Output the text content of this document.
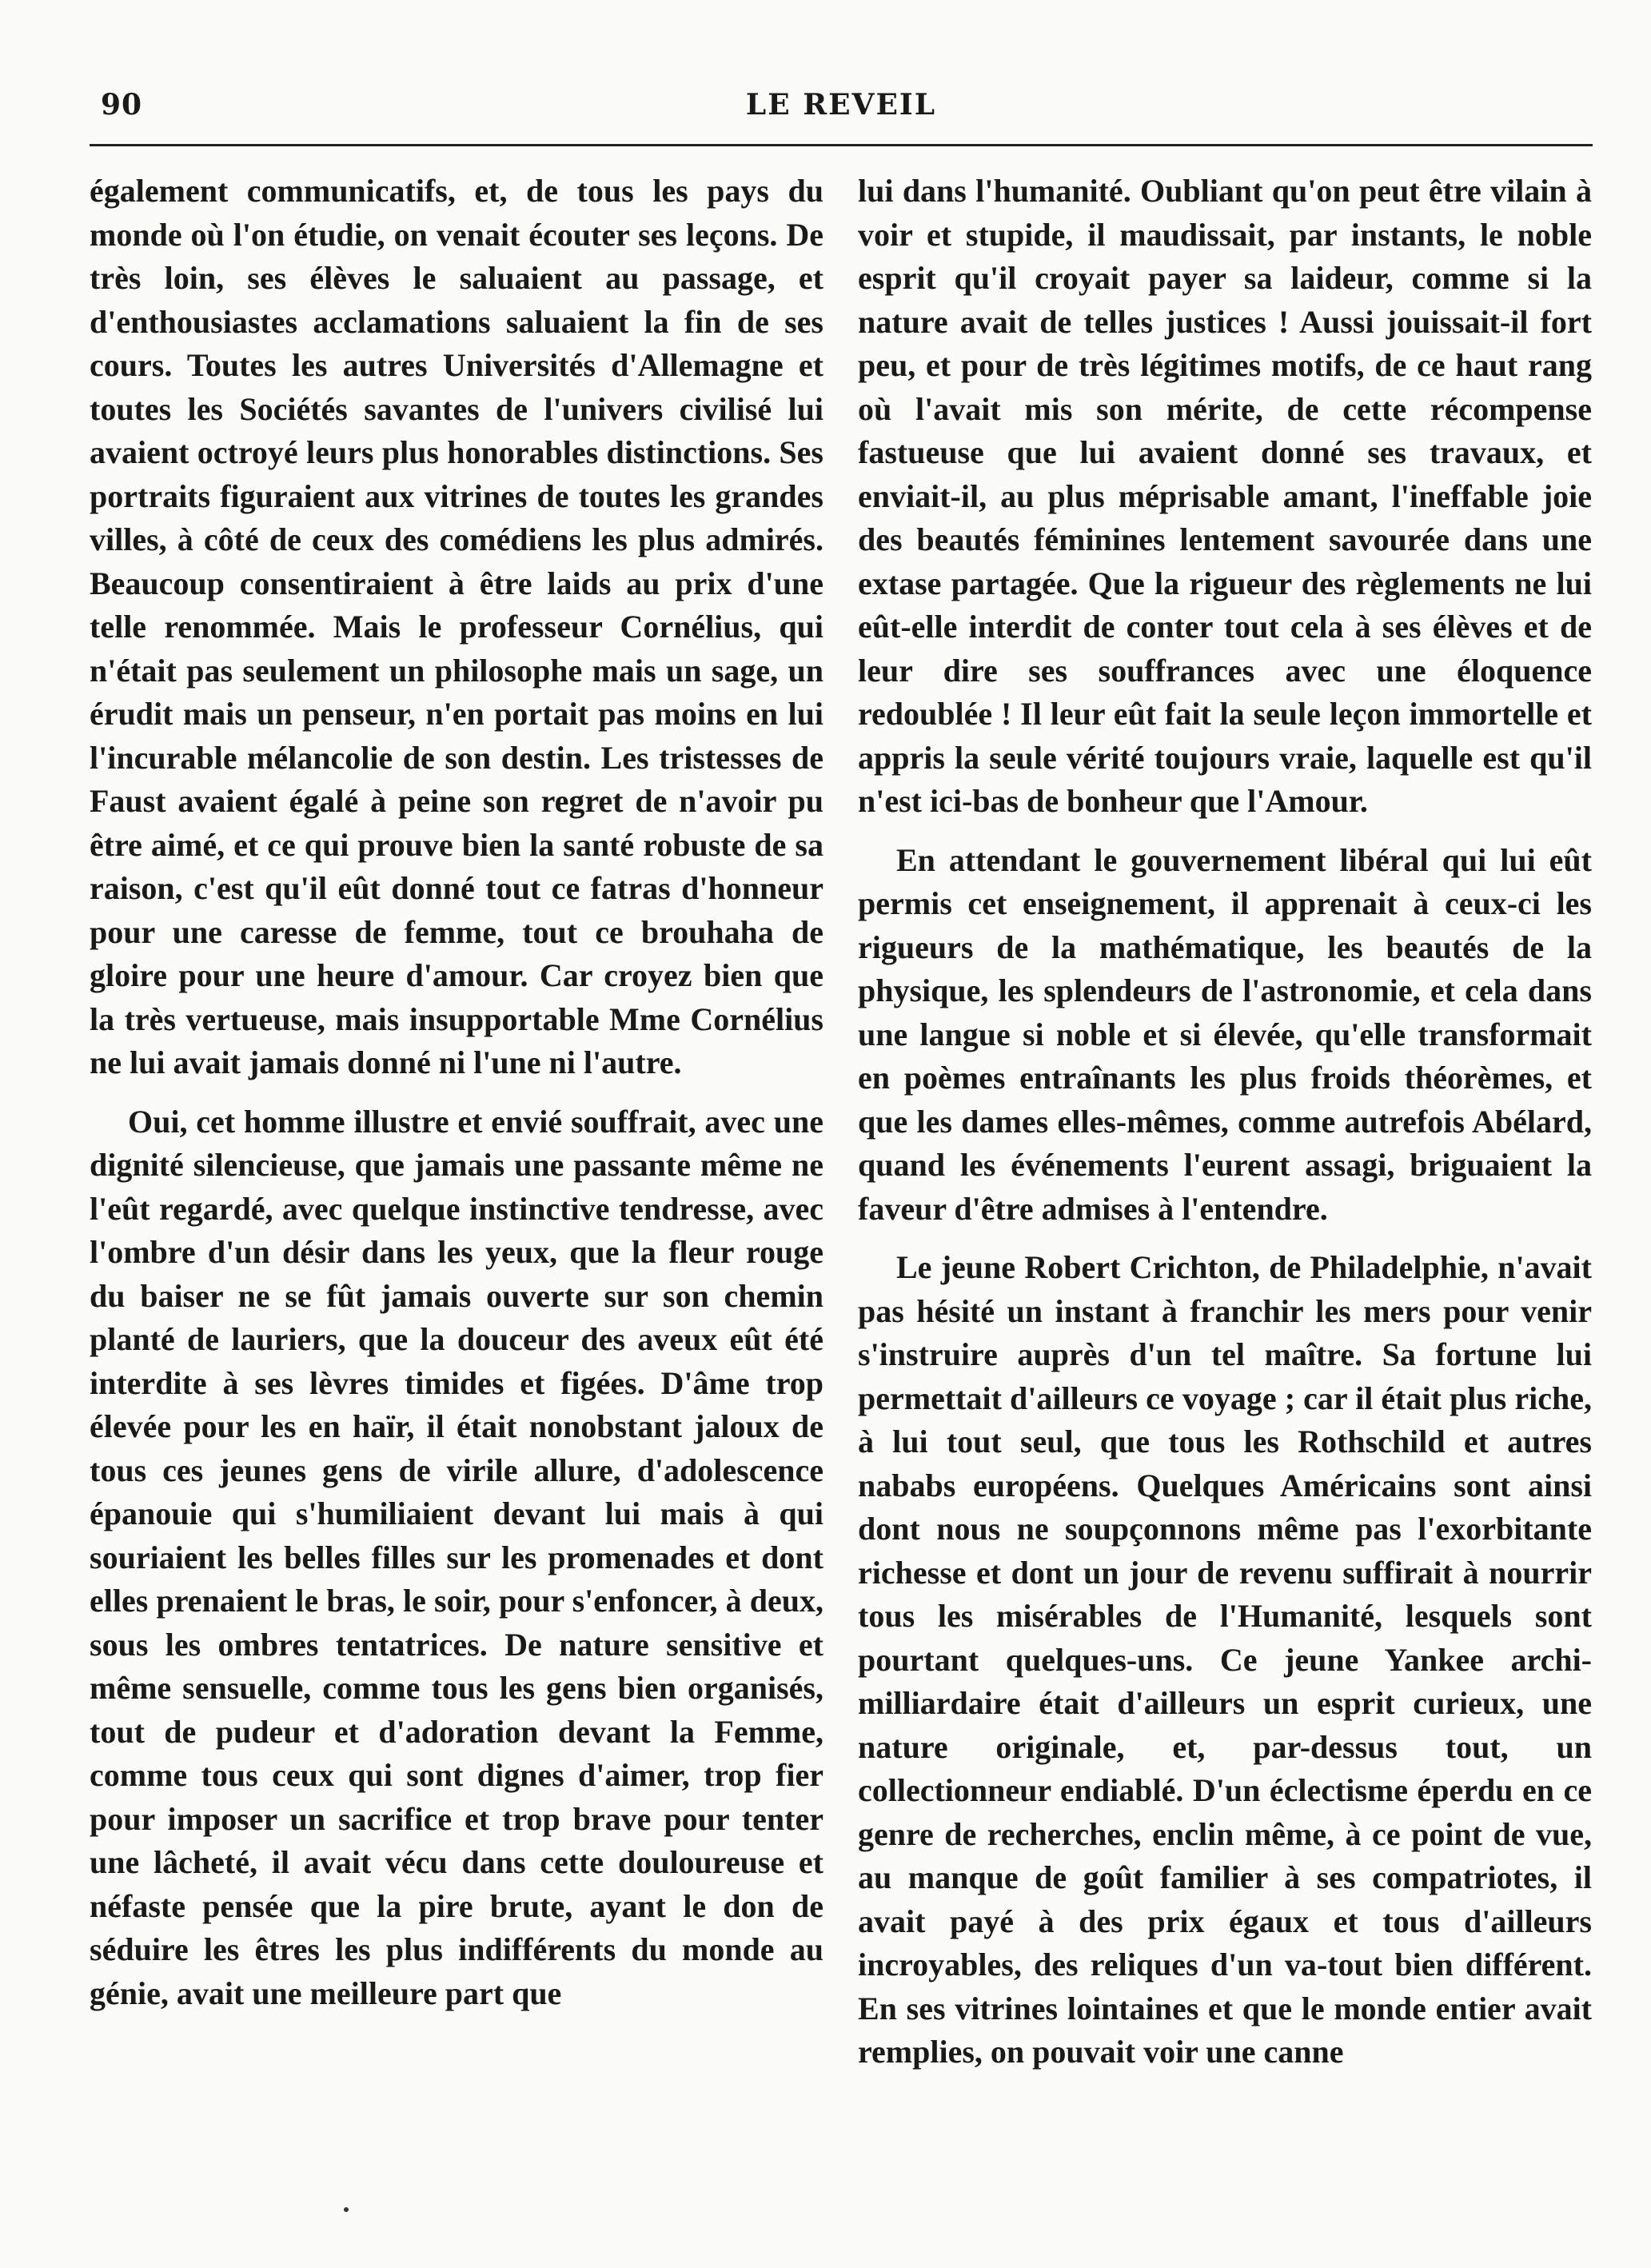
90	LE REVEIL

également communicatifs, et, de tous les pays du monde où l'on étudie, on venait écouter ses leçons. De très loin, ses élèves le saluaient au passage, et d'enthousiastes acclamations saluaient la fin de ses cours. Toutes les autres Universités d'Allemagne et toutes les Sociétés savantes de l'univers civilisé lui avaient octroyé leurs plus honorables distinctions. Ses portraits figuraient aux vitrines de toutes les grandes villes, à côté de ceux des comédiens les plus admirés. Beaucoup consentiraient à être laids au prix d'une telle renommée. Mais le professeur Cornélius, qui n'était pas seulement un philosophe mais un sage, un érudit mais un penseur, n'en portait pas moins en lui l'incurable mélancolie de son destin. Les tristesses de Faust avaient égalé à peine son regret de n'avoir pu être aimé, et ce qui prouve bien la santé robuste de sa raison, c'est qu'il eût donné tout ce fatras d'honneur pour une caresse de femme, tout ce brouhaha de gloire pour une heure d'amour. Car croyez bien que la très vertueuse, mais insupportable Mme Cornélius ne lui avait jamais donné ni l'une ni l'autre.

Oui, cet homme illustre et envié souffrait, avec une dignité silencieuse, que jamais une passante même ne l'eût regardé, avec quelque instinctive tendresse, avec l'ombre d'un désir dans les yeux, que la fleur rouge du baiser ne se fût jamais ouverte sur son chemin planté de lauriers, que la douceur des aveux eût été interdite à ses lèvres timides et figées. D'âme trop élevée pour les en haïr, il était nonobstant jaloux de tous ces jeunes gens de virile allure, d'adolescence épanouie qui s'humiliaient devant lui mais à qui souriaient les belles filles sur les promenades et dont elles prenaient le bras, le soir, pour s'enfoncer, à deux, sous les ombres tentatrices. De nature sensitive et même sensuelle, comme tous les gens bien organisés, tout de pudeur et d'adoration devant la Femme, comme tous ceux qui sont dignes d'aimer, trop fier pour imposer un sacrifice et trop brave pour tenter une lâcheté, il avait vécu dans cette douloureuse et néfaste pensée que la pire brute, ayant le don de séduire les êtres les plus indifférents du monde au génie, avait une meilleure part que

lui dans l'humanité. Oubliant qu'on peut être vilain à voir et stupide, il maudissait, par instants, le noble esprit qu'il croyait payer sa laideur, comme si la nature avait de telles justices ! Aussi jouissait-il fort peu, et pour de très légitimes motifs, de ce haut rang où l'avait mis son mérite, de cette récompense fastueuse que lui avaient donné ses travaux, et enviait-il, au plus méprisable amant, l'ineffable joie des beautés féminines lentement savourée dans une extase partagée. Que la rigueur des règlements ne lui eût-elle interdit de conter tout cela à ses élèves et de leur dire ses souffrances avec une éloquence redoublée ! Il leur eût fait la seule leçon immortelle et appris la seule vérité toujours vraie, laquelle est qu'il n'est ici-bas de bonheur que l'Amour.

En attendant le gouvernement libéral qui lui eût permis cet enseignement, il apprenait à ceux-ci les rigueurs de la mathématique, les beautés de la physique, les splendeurs de l'astronomie, et cela dans une langue si noble et si élevée, qu'elle transformait en poèmes entraînants les plus froids théorèmes, et que les dames elles-mêmes, comme autrefois Abélard, quand les événements l'eurent assagi, briguaient la faveur d'être admises à l'entendre.

Le jeune Robert Crichton, de Philadelphie, n'avait pas hésité un instant à franchir les mers pour venir s'instruire auprès d'un tel maître. Sa fortune lui permettait d'ailleurs ce voyage ; car il était plus riche, à lui tout seul, que tous les Rothschild et autres nababs européens. Quelques Américains sont ainsi dont nous ne soupçonnons même pas l'exorbitante richesse et dont un jour de revenu suffirait à nourrir tous les misérables de l'Humanité, lesquels sont pourtant quelques-uns. Ce jeune Yankee archi-milliardaire était d'ailleurs un esprit curieux, une nature originale, et, par-dessus tout, un collectionneur endiablé. D'un éclectisme éperdu en ce genre de recherches, enclin même, à ce point de vue, au manque de goût familier à ses compatriotes, il avait payé à des prix égaux et tous d'ailleurs incroyables, des reliques d'un va-tout bien différent. En ses vitrines lointaines et que le monde entier avait remplies, on pouvait voir une canne
